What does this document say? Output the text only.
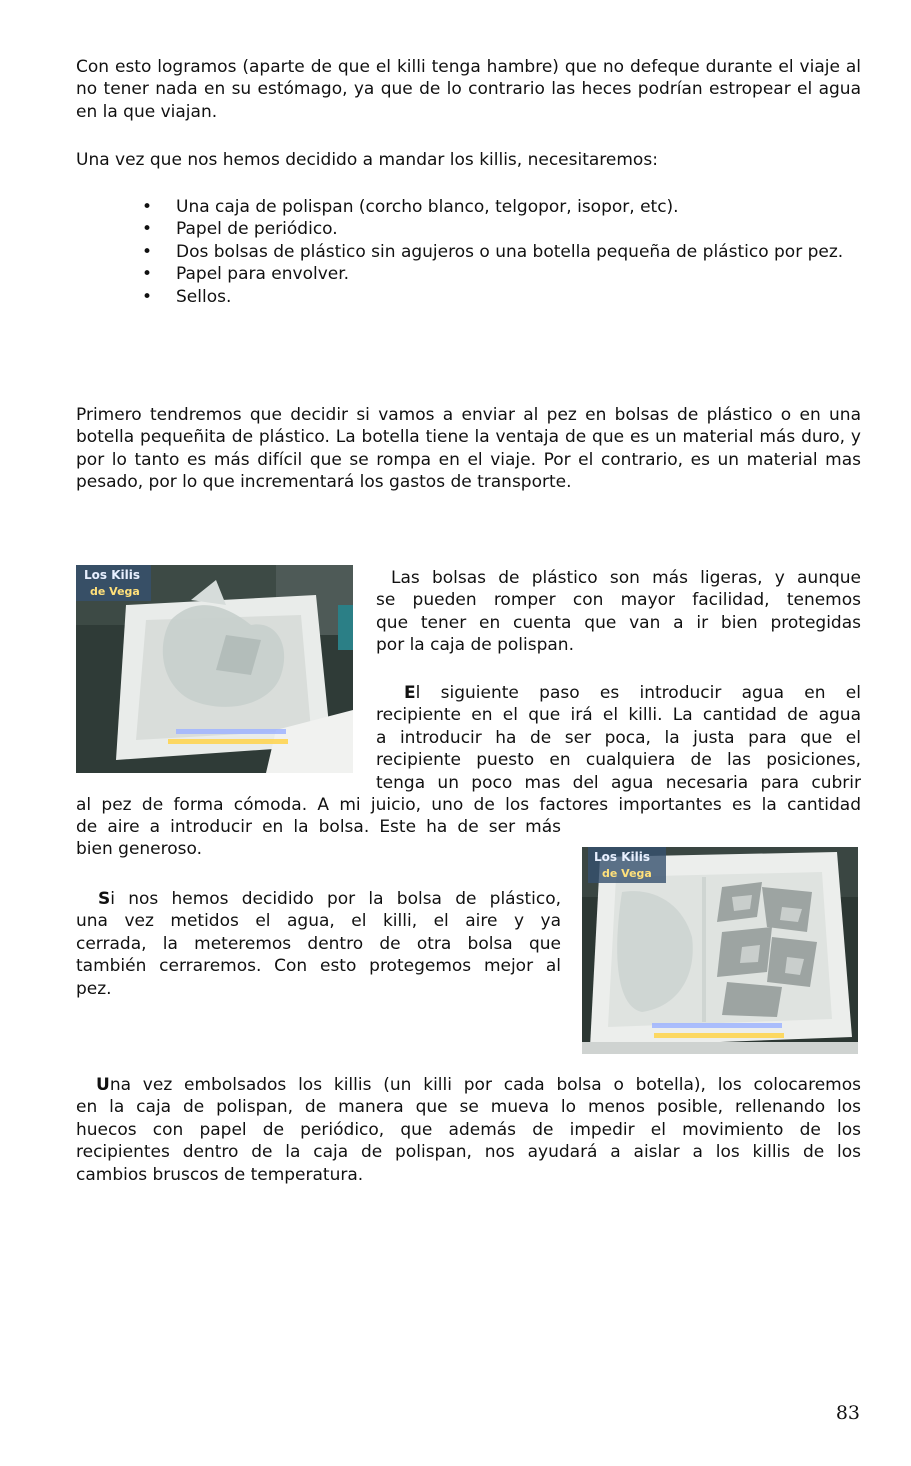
Con esto logramos (aparte de que el killi tenga hambre) que no defeque durante el viaje al no tener nada en su estómago, ya que de lo contrario las heces podrían estropear el agua en la que viajan.

Una vez que nos hemos decidido a mandar los killis, necesitaremos:

• Una caja de polispan (corcho blanco, telgopor, isopor, etc).
• Papel de periódico.
• Dos bolsas de plástico sin agujeros o una botella pequeña de plástico por pez.
• Papel para envolver.
• Sellos.

Primero tendremos que decidir si vamos a enviar al pez en bolsas de plástico o en una botella pequeñita de plástico. La botella tiene la ventaja de que es un material más duro, y por lo tanto es más difícil que se rompa en el viaje. Por el contrario, es un material mas pesado, por lo que incrementará los gastos de transporte.

Los Kilis
de Vega
Las bolsas de plástico son más ligeras, y aunque
se pueden romper con mayor facilidad, tenemos
que tener en cuenta que van a ir bien protegidas
por la caja de polispan.
El siguiente paso es introducir agua en el
recipiente en el que irá el killi. La cantidad de agua
a introducir ha de ser poca, la justa para que el
recipiente puesto en cualquiera de las posiciones,
tenga un poco mas del agua necesaria para cubrir
al pez de forma cómoda. A mi juicio, uno de los factores importantes es la cantidad
de aire a introducir en la bolsa. Este ha de ser más
bien generoso.	Los Kilis
de Vega
Si nos hemos decidido por la bolsa de plástico,
una vez metidos el agua, el killi, el aire y ya
cerrada, la meteremos dentro de otra bolsa que
también cerraremos. Con esto protegemos mejor al
pez.
Una vez embolsados los killis (un killi por cada bolsa o botella), los colocaremos
en la caja de polispan, de manera que se mueva lo menos posible, rellenando los
huecos con papel de periódico, que además de impedir el movimiento de los
recipientes dentro de la caja de polispan, nos ayudará a aislar a los killis de los
cambios bruscos de temperatura.
83
